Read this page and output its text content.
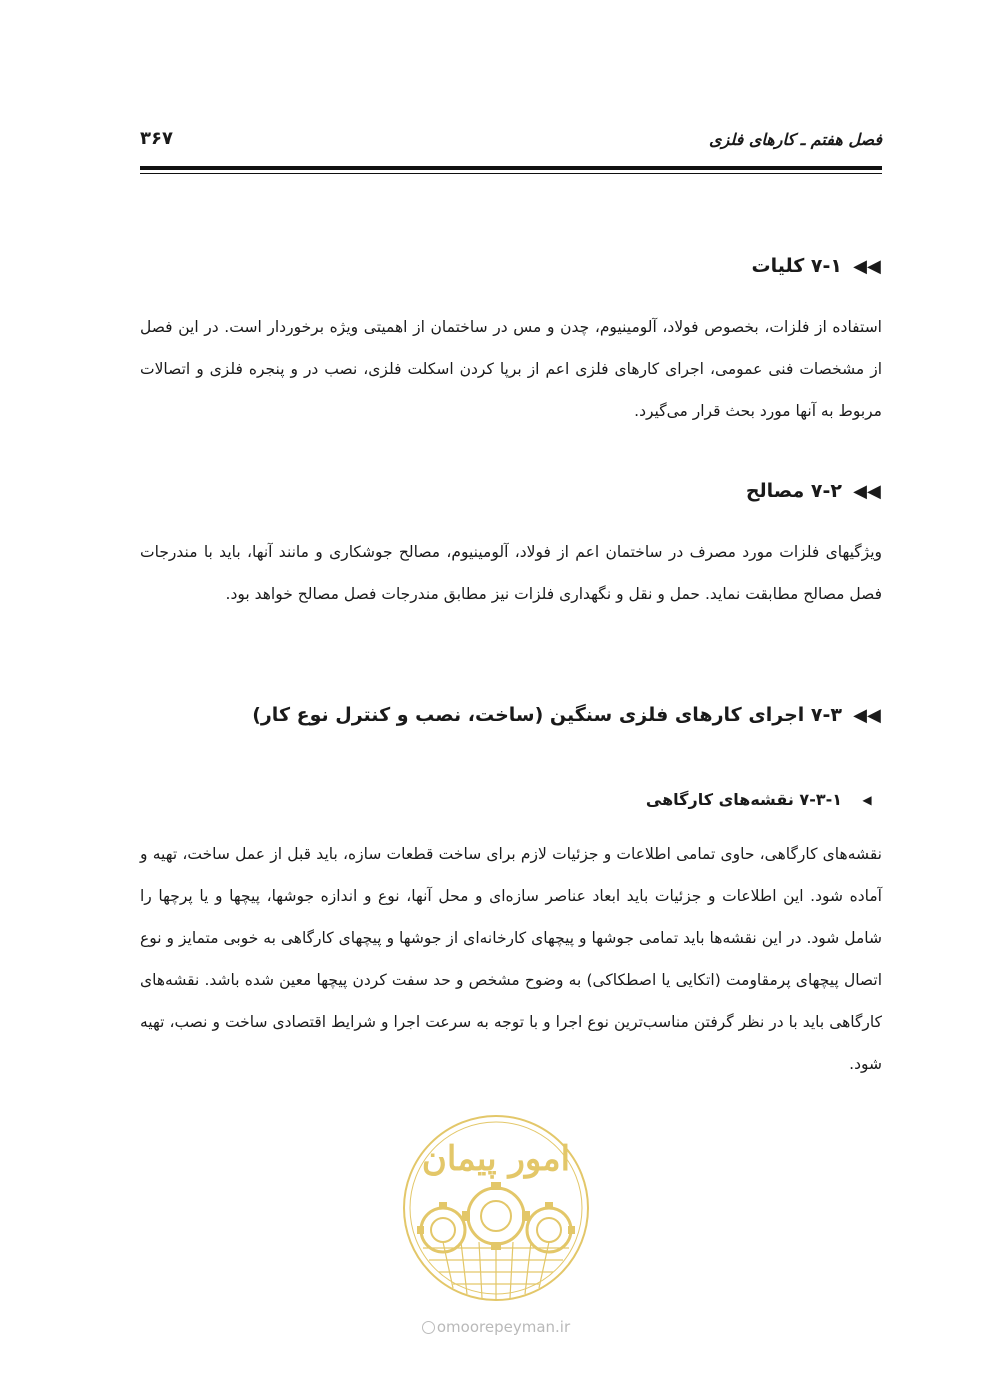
فصل هفتم ـ کارهای فلزی
۳۶۷
◀◀
۷-۱ کلیات
استفاده از فلزات، بخصوص فولاد، آلومینیوم، چدن و مس در ساختمان از اهمیتی ویژه برخوردار است. در این فصل از مشخصات فنی عمومی، اجرای کارهای فلزی اعم از برپا کردن اسکلت فلزی، نصب در و پنجره فلزی و اتصالات مربوط به آنها مورد بحث قرار می‌گیرد.
◀◀
۷-۲ مصالح
ویژگیهای فلزات مورد مصرف در ساختمان اعم از فولاد، آلومینیوم، مصالح جوشکاری و مانند آنها، باید با مندرجات فصل مصالح مطابقت نماید. حمل و نقل و نگهداری فلزات نیز مطابق مندرجات فصل مصالح خواهد بود.
◀◀
۷-۳ اجرای کارهای فلزی سنگین (ساخت، نصب و کنترل نوع کار)
◀
۷-۳-۱ نقشه‌های کارگاهی
نقشه‌های کارگاهی، حاوی تمامی اطلاعات و جزئیات لازم برای ساخت قطعات سازه، باید قبل از عمل ساخت، تهیه و آماده شود. این اطلاعات و جزئیات باید ابعاد عناصر سازه‌ای و محل آنها، نوع و اندازه جوشها، پیچها و یا پرچها را شامل شود. در این نقشه‌ها باید تمامی جوشها و پیچهای کارخانه‌ای از جوشها و پیچهای کارگاهی به خوبی متمایز و نوع اتصال پیچهای پرمقاومت (اتکایی یا اصطکاکی) به وضوح مشخص و حد سفت کردن پیچها معین شده باشد. نقشه‌های کارگاهی باید با در نظر گرفتن مناسب‌ترین نوع اجرا و با توجه به سرعت اجرا و شرایط اقتصادی ساخت و نصب، تهیه شود.
امور پیمان
omoorepeyman.ir
